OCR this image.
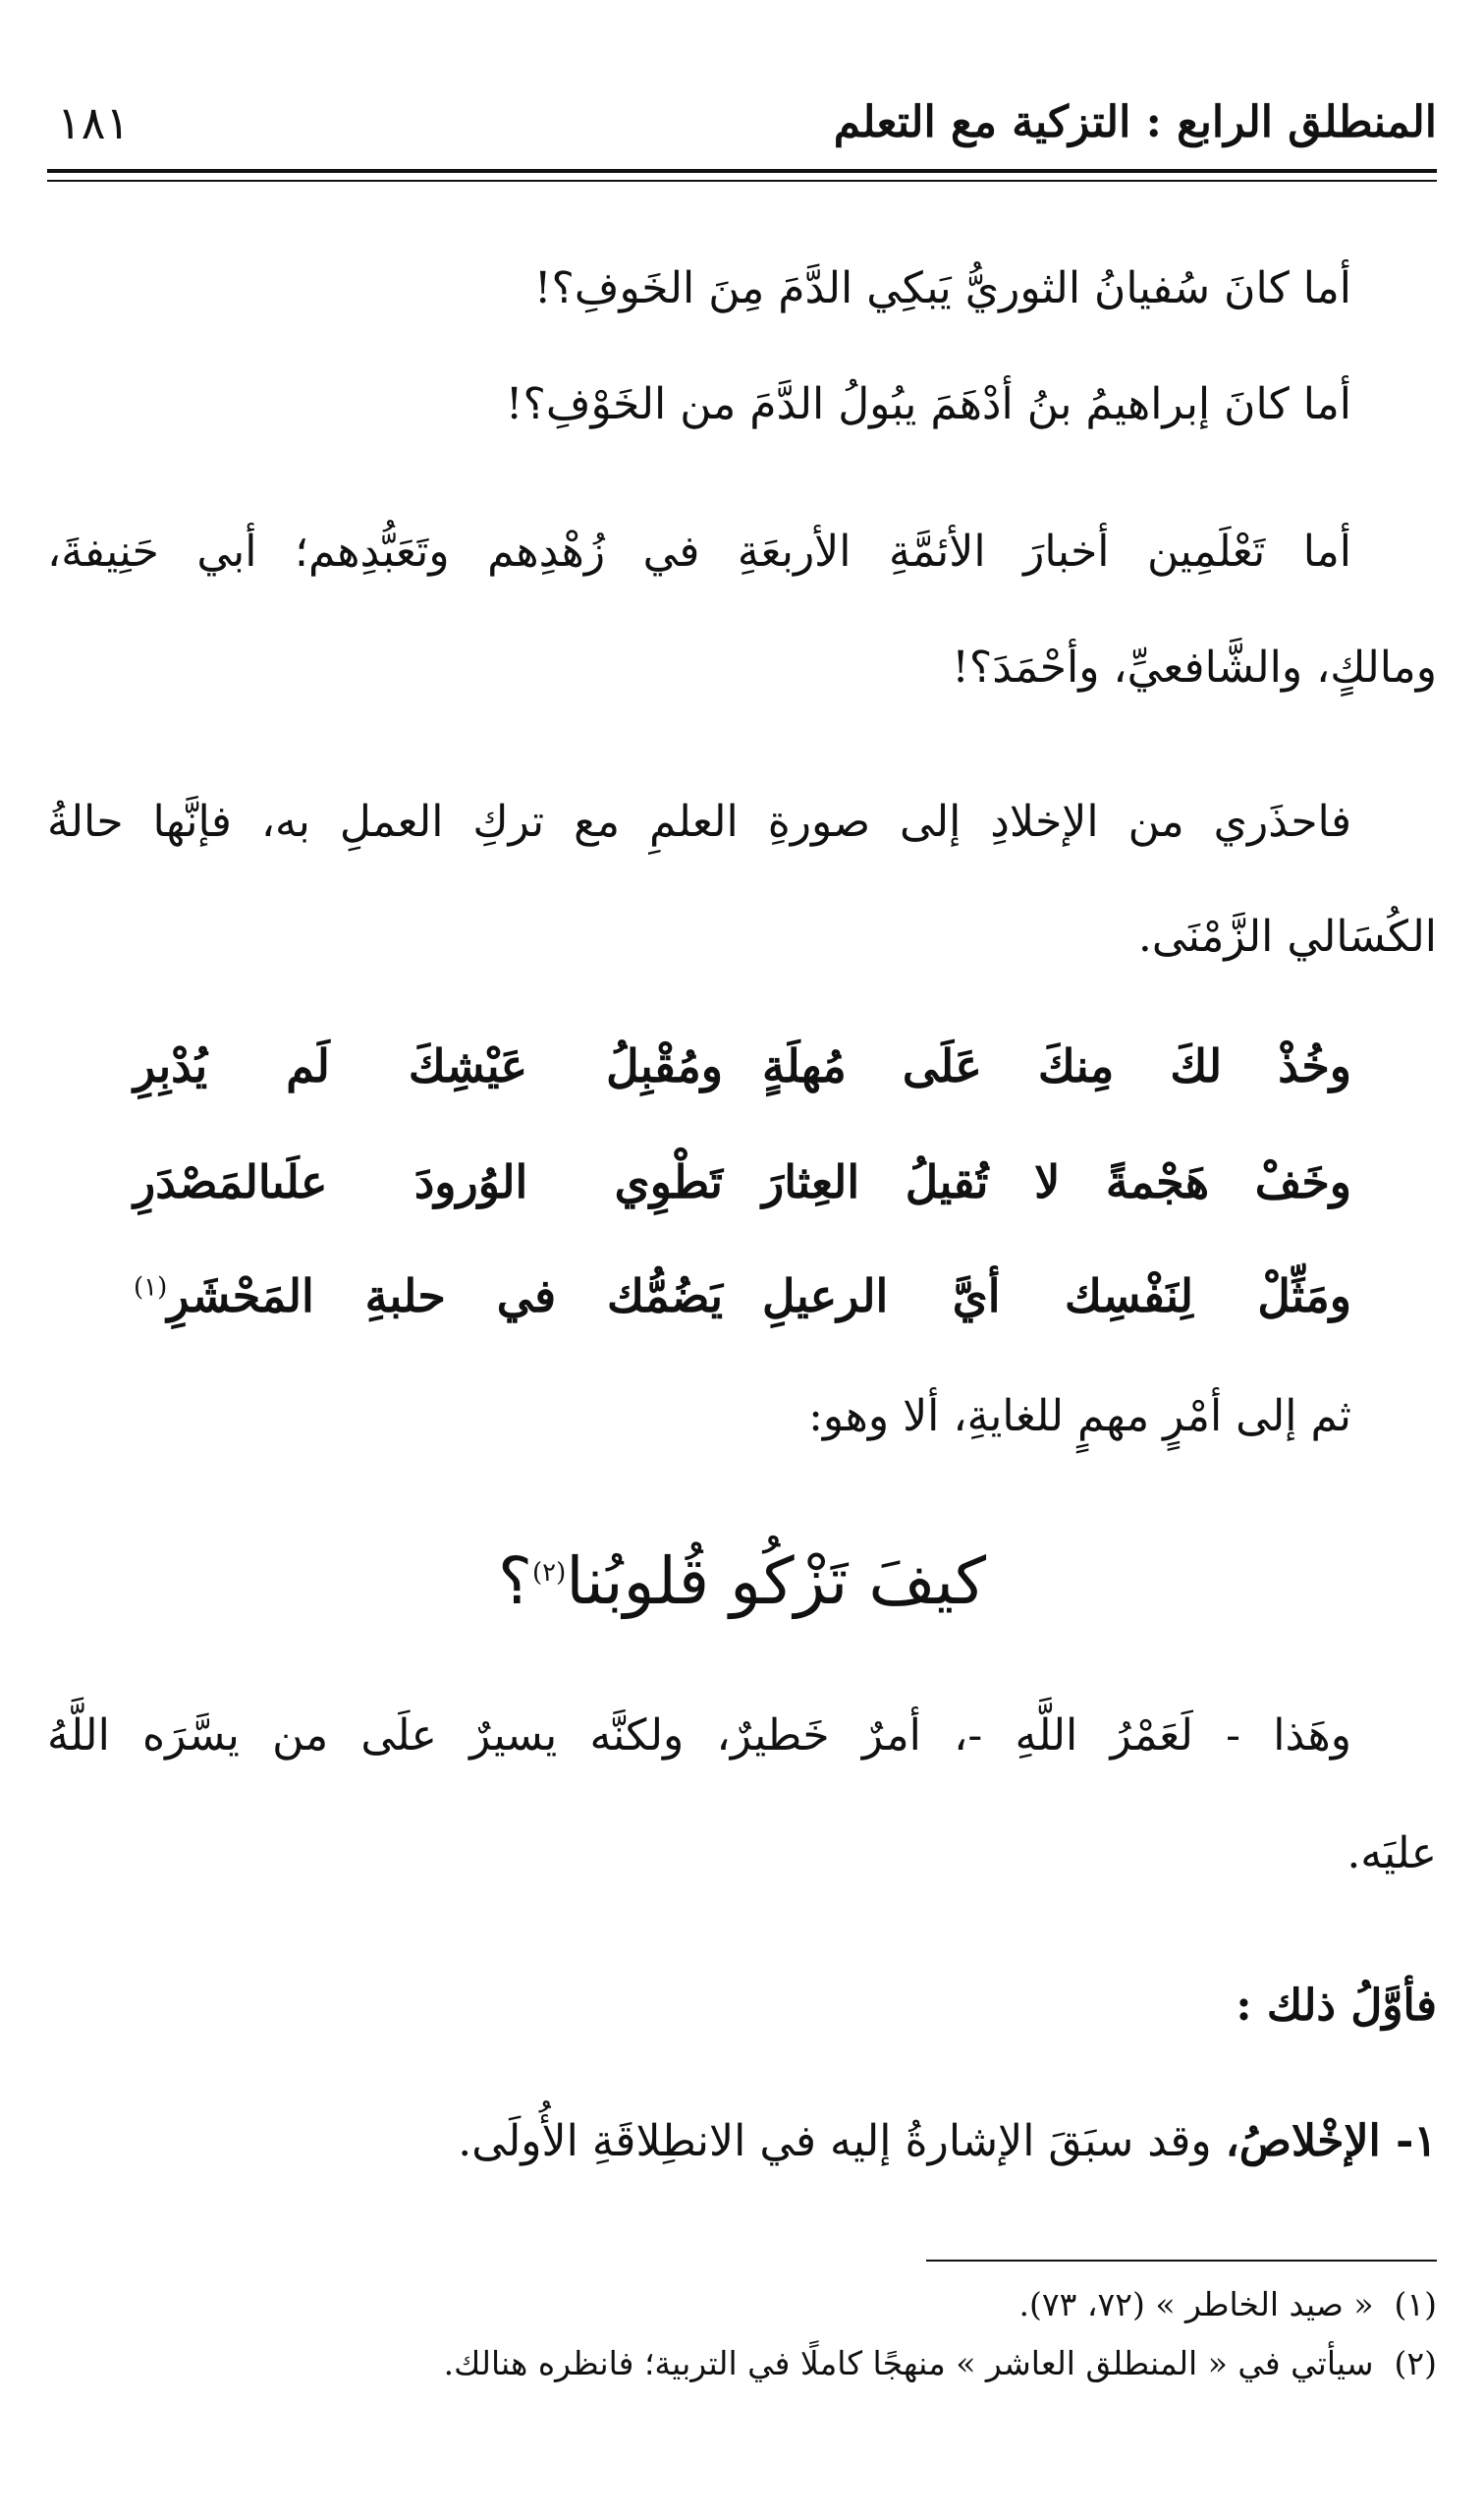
المنطلق الرابع : التزكية مع التعلم
١٨١
أما كانَ سُفيانُ الثوريُّ يَبكِي الدَّمَ مِنَ الخَوفِ؟!
أما كانَ إبراهيمُ بنُ أدْهَمَ يبُولُ الدَّمَ من الخَوْفِ؟!
أما تَعْلَمِين أخبارَ الأئمَّةِ الأربعَةِ في زُهْدِهم وتَعَبُّدِهم؛ أبي حَنِيفةَ،
ومالكٍ، والشَّافعيِّ، وأحْمَدَ؟!
فاحذَري من الإخلادِ إلى صورةِ العلمِ مع تركِ العملِ به، فإنَّها حالةُ
الكُسَالي الزَّمْنَى.
وخُذْ لكَ مِنكَ عَلَى مُهلَةٍ
ومُقْبِلُ عَيْشِكَ لَم يُدْبِرِ
وخَفْ هَجْمةً لا تُقيلُ العِثارَ
تَطْوِي الوُرودَ علَىالمَصْدَرِ
ومَثِّلْ لِنَفْسِك أيَّ الرعيلِ
يَضُمُّك في حلبةِ المَحْشَرِ$^{(١)}$
ثم إلى أمْرٍ مهمٍ للغايةِ، ألا وهو:
كيفَ تَزْكُو قُلوبُنا$^{(٢)}$؟
وهَذا - لَعَمْرُ اللَّهِ -، أمرٌ خَطيرٌ، ولكنَّه يسيرٌ علَى من يسَّرَه اللَّهُ
عليَه.
فأوَّلُ ذلك :
١- الإخْلاصُ، وقد سبَقَ الإشارةُ إليه في الانطِلاقَةِ الأُولَى.
(١)  « صيد الخاطر » (٧٢، ٧٣).
(٢)  سيأتي في « المنطلق العاشر » منهجًا كاملًا في التربية؛ فانظره هنالك.
